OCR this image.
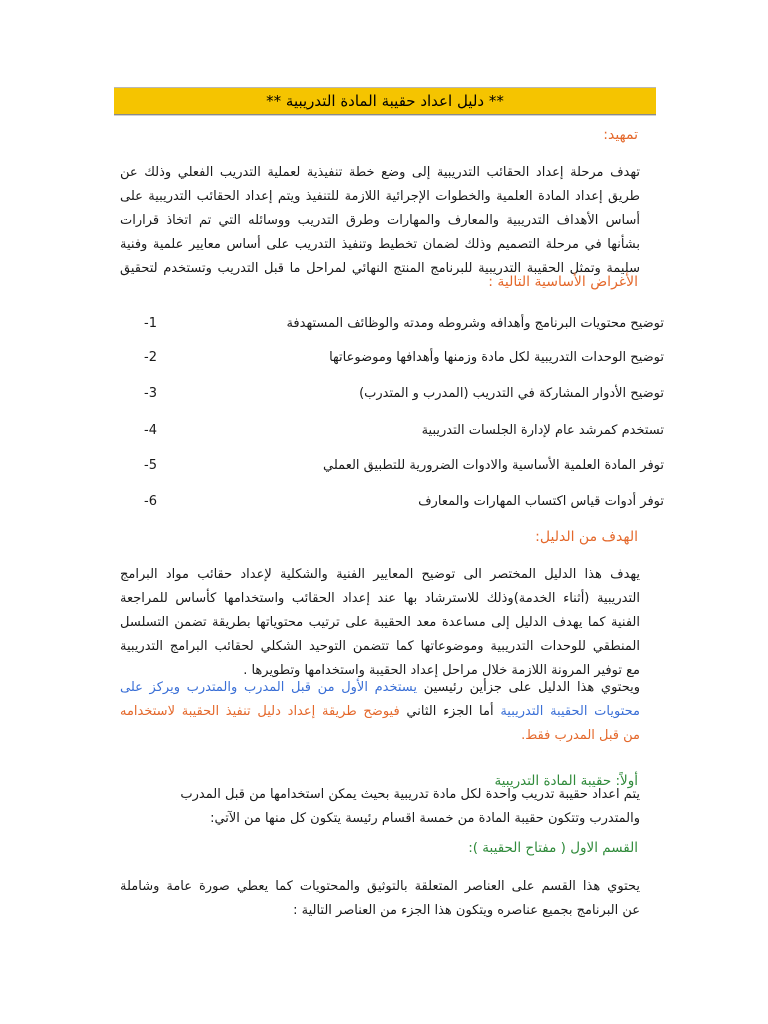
** دليل اعداد حقيبة المادة التدريبية **
تمهيد:
تهدف مرحلة إعداد الحقائب التدريبية إلى وضع خطة تنفيذية لعملية التدريب الفعلي وذلك عن
طريق إعداد المادة العلمية والخطوات الإجرائية اللازمة للتنفيذ ويتم إعداد الحقائب التدريبية على
أساس الأهداف التدريبية والمعارف والمهارات وطرق التدريب ووسائله التي تم اتخاذ قرارات
بشأنها في مرحلة التصميم وذلك لضمان تخطيط وتنفيذ التدريب على أساس معايير علمية وفنية
سليمة وتمثل الحقيبة التدريبية للبرنامج المنتج النهائي لمراحل ما قبل التدريب وتستخدم لتحقيق
الأغراض الأساسية التالية :
توضيح محتويات البرنامج وأهدافه وشروطه ومدته والوظائف المستهدفة
-1
توضيح الوحدات التدريبية لكل مادة وزمنها وأهدافها وموضوعاتها
-2
توضيح الأدوار المشاركة في التدريب (المدرب و المتدرب)
-3
تستخدم كمرشد عام لإدارة الجلسات التدريبية
-4
توفر المادة العلمية الأساسية والادوات الضرورية للتطبيق العملي
-5
توفر أدوات قياس اكتساب المهارات والمعارف
-6
الهدف من الدليل:
يهدف هذا الدليل المختصر الى توضيح المعايير الفنية والشكلية لإعداد حقائب مواد البرامج
التدريبية (أثناء الخدمة)وذلك للاسترشاد بها عند إعداد الحقائب واستخدامها كأساس للمراجعة
الفنية كما يهدف الدليل إلى مساعدة معد الحقيبة على ترتيب محتوياتها بطريقة تضمن التسلسل
المنطقي للوحدات التدريبية وموضوعاتها كما تتضمن التوحيد الشكلي لحقائب البرامج التدريبية
مع توفير المرونة اللازمة خلال مراحل إعداد الحقيبة واستخدامها وتطويرها .
ويحتوي هذا الدليل على جزأين رئيسين يستخدم الأول من قبل المدرب والمتدرب ويركز على
محتويات الحقيبة التدريبية أما الجزء الثاني فيوضح طريقة إعداد دليل تنفيذ الحقيبة لاستخدامه
من قبل المدرب فقط.
أولاً: حقيبة المادة التدريبية
يتم اعداد حقيبة تدريب واحدة لكل مادة تدريبية بحيث يمكن استخدامها من قبل المدرب
والمتدرب وتتكون حقيبة المادة من خمسة اقسام رئيسة يتكون كل منها من الآتي:
القسم الاول ( مفتاح الحقيبة ):
يحتوي هذا القسم على العناصر المتعلقة بالتوثيق والمحتويات كما يعطي صورة عامة وشاملة
عن البرنامج بجميع عناصره ويتكون هذا الجزء من العناصر التالية :
